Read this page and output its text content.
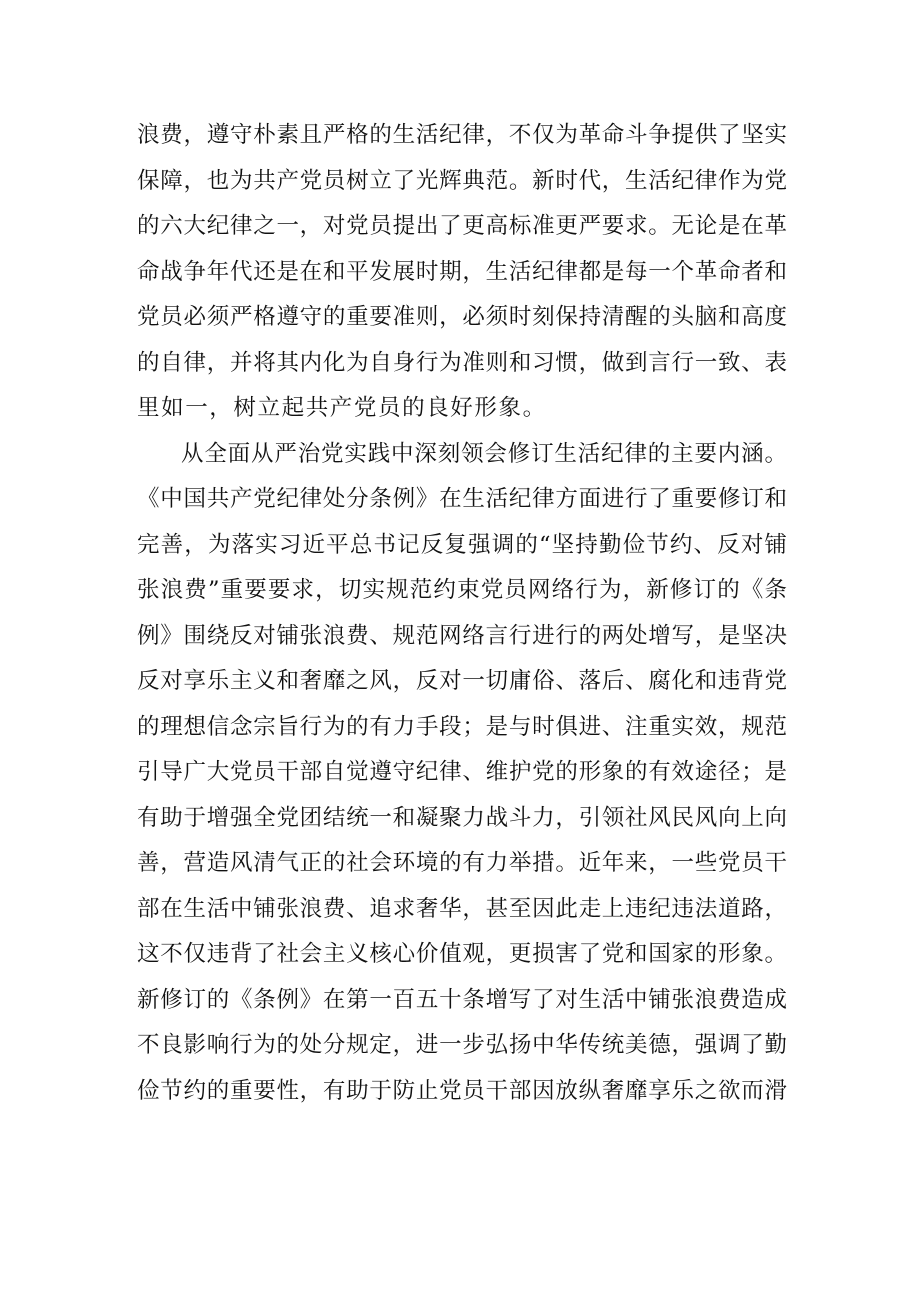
浪费，遵守朴素且严格的生活纪律，不仅为革命斗争提供了坚实
保障，也为共产党员树立了光辉典范。新时代，生活纪律作为党
的六大纪律之一，对党员提出了更高标准更严要求。无论是在革
命战争年代还是在和平发展时期，生活纪律都是每一个革命者和
党员必须严格遵守的重要准则，必须时刻保持清醒的头脑和高度
的自律，并将其内化为自身行为准则和习惯，做到言行一致、表
里如一，树立起共产党员的良好形象。
从全面从严治党实践中深刻领会修订生活纪律的主要内涵。
《中国共产党纪律处分条例》在生活纪律方面进行了重要修订和
完善，为落实习近平总书记反复强调的“坚持勤俭节约、反对铺
张浪费”重要要求，切实规范约束党员网络行为，新修订的《条
例》围绕反对铺张浪费、规范网络言行进行的两处增写，是坚决
反对享乐主义和奢靡之风，反对一切庸俗、落后、腐化和违背党
的理想信念宗旨行为的有力手段；是与时俱进、注重实效，规范
引导广大党员干部自觉遵守纪律、维护党的形象的有效途径；是
有助于增强全党团结统一和凝聚力战斗力，引领社风民风向上向
善，营造风清气正的社会环境的有力举措。近年来，一些党员干
部在生活中铺张浪费、追求奢华，甚至因此走上违纪违法道路，
这不仅违背了社会主义核心价值观，更损害了党和国家的形象。
新修订的《条例》在第一百五十条增写了对生活中铺张浪费造成
不良影响行为的处分规定，进一步弘扬中华传统美德，强调了勤
俭节约的重要性，有助于防止党员干部因放纵奢靡享乐之欲而滑
